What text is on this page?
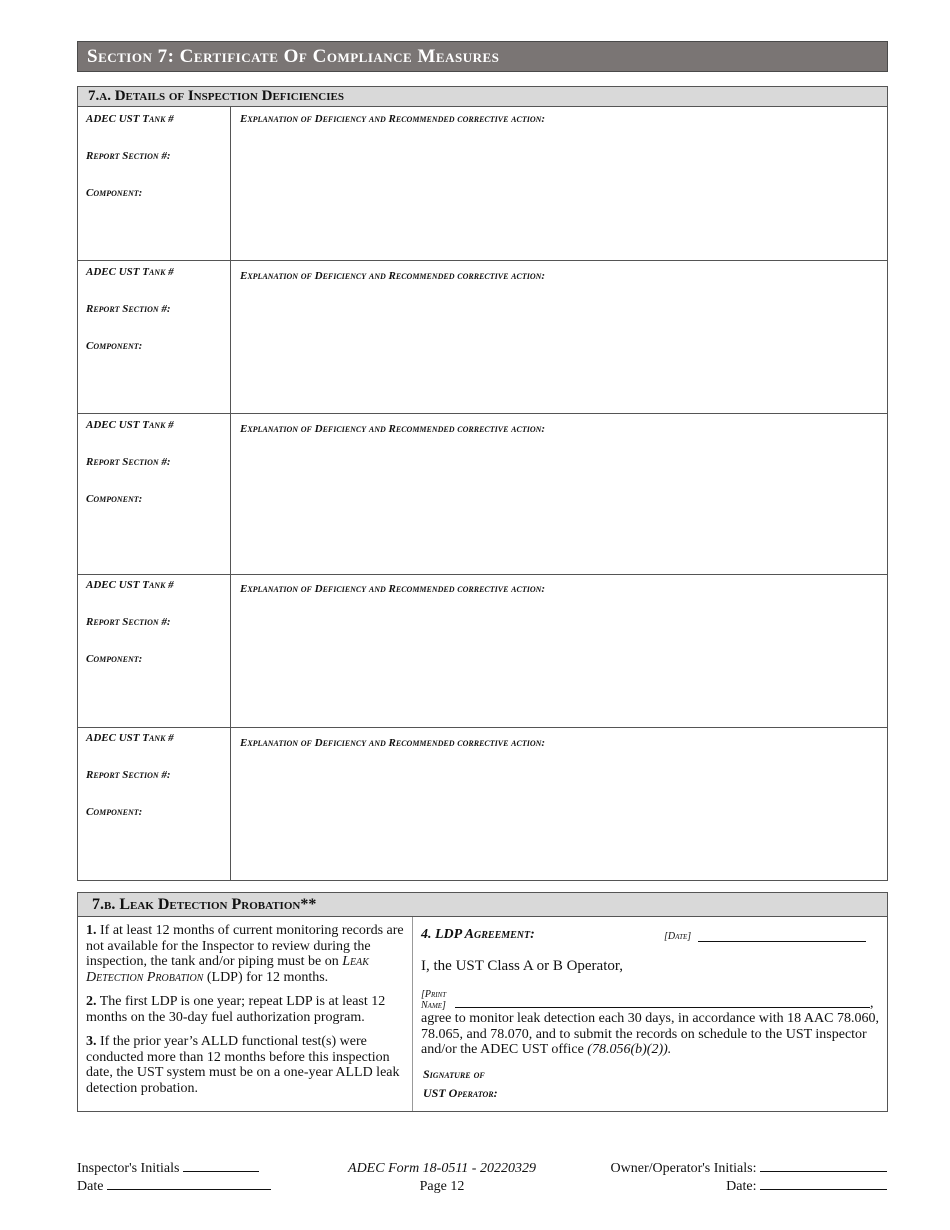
Section 7: Certificate Of Compliance Measures
7.a. Details of Inspection Deficiencies
ADEC UST Tank #
Report Section #:
Component:
Explanation of Deficiency and Recommended corrective action:
ADEC UST Tank #
Report Section #:
Component:
Explanation of Deficiency and Recommended corrective action:
ADEC UST Tank #
Report Section #:
Component:
Explanation of Deficiency and Recommended corrective action:
ADEC UST Tank #
Report Section #:
Component:
Explanation of Deficiency and Recommended corrective action:
ADEC UST Tank #
Report Section #:
Component:
Explanation of Deficiency and Recommended corrective action:
7.b. Leak Detection Probation**

1. If at least 12 months of current monitoring records are not available for the Inspector to review during the inspection, the tank and/or piping must be on Leak Detection Probation (LDP) for 12 months.

2. The first LDP is one year; repeat LDP is at least 12 months on the 30-day fuel authorization program.

3. If the prior year’s ALLD functional test(s) were conducted more than 12 months before this inspection date, the UST system must be on a one-year ALLD leak detection probation.

4. LDP Agreement:	[Date]
I, the UST Class A or B Operator,
[Print Name]	,
agree to monitor leak detection each 30 days, in accordance with 18 AAC 78.060, 78.065, and 78.070, and to submit the records on schedule to the UST inspector and/or the ADEC UST office (78.056(b)(2)).
Signature of
UST Operator:
Inspector's Initials
Date
ADEC Form 18-0511 - 20220329
Page 12
Owner/Operator's Initials:
Date:
